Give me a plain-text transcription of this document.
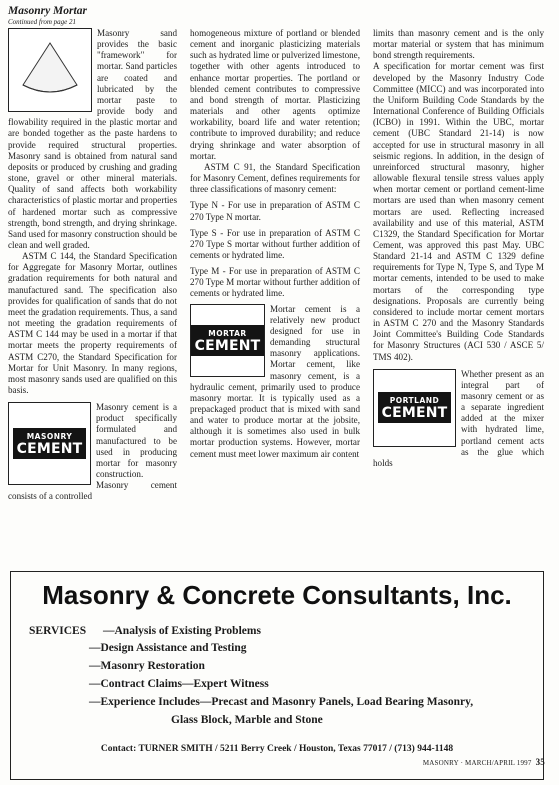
Masonry Mortar
Continued from page 21

Masonry sand provides the basic "framework" for mortar. Sand particles are coated and lubricated by the mortar paste to provide body and flowability required in the plastic mortar and are bonded together as the paste hardens to provide required structural properties. Masonry sand is obtained from natural sand deposits or produced by crushing and grading stone, gravel or other mineral materials. Quality of sand affects both workability characteristics of plastic mortar and properties of hardened mortar such as compressive strength, bond strength, and drying shrinkage. Sand used for masonry construction should be clean and well graded.

ASTM C 144, the Standard Specification for Aggregate for Masonry Mortar, outlines gradation requirements for both natural and manufactured sand. The specification also provides for qualification of sands that do not meet the gradation requirements. Thus, a sand not meeting the gradation requirements of ASTM C 144 may be used in a mortar if that mortar meets the property requirements of ASTM C270, the Standard Specification for Mortar for Unit Masonry. In many regions, most masonry sands used are qualified on this basis.

MASONRY
CEMENT

Masonry cement is a product specifically formulated and manufactured to be used in producing mortar for masonry construction. Masonry cement consists of a controlled

homogeneous mixture of portland or blended cement and inorganic plasticizing materials such as hydrated lime or pulverized limestone, together with other agents introduced to enhance mortar properties. The portland or blended cement contributes to compressive and bond strength of mortar. Plasticizing materials and other agents optimize workability, board life and water retention; contribute to improved durability; and reduce drying shrinkage and water absorption of mortar.

ASTM C 91, the Standard Specification for Masonry Cement, defines requirements for three classifications of masonry cement:

Type N - For use in preparation of ASTM C 270 Type N mortar.

Type S - For use in preparation of ASTM C 270 Type S mortar without further addition of cements or hydrated lime.

Type M - For use in preparation of ASTM C 270 Type M mortar without further addition of cements or hydrated lime.

MORTAR
CEMENT

Mortar cement is a relatively new product designed for use in demanding structural masonry applications. Mortar cement, like masonry cement, is a hydraulic cement, primarily used to produce masonry mortar. It is typically used as a prepackaged product that is mixed with sand and water to produce mortar at the jobsite, although it is sometimes also used in bulk mortar production systems. However, mortar cement must meet lower maximum air content

limits than masonry cement and is the only mortar material or system that has minimum bond strength requirements.

A specification for mortar cement was first developed by the Masonry Industry Code Committee (MICC) and was incorporated into the Uniform Building Code Standards by the International Conference of Building Officials (ICBO) in 1991. Within the UBC, mortar cement (UBC Standard 21-14) is now accepted for use in structural masonry in all seismic regions. In addition, in the design of unreinforced structural masonry, higher allowable flexural tensile stress values apply when mortar cement or portland cement-lime mortars are used than when masonry cement mortars are used. Reflecting increased availability and use of this material, ASTM C1329, the Standard Specification for Mortar Cement, was approved this past May. UBC Standard 21-14 and ASTM C 1329 define requirements for Type N, Type S, and Type M mortar cements, intended to be used to make mortars of the corresponding type designations. Proposals are currently being considered to include mortar cement mortars in ASTM C 270 and the Masonry Standards Joint Committee's Building Code Standards for Masonry Structures (ACI 530 / ASCE 5/ TMS 402).

PORTLAND
CEMENT

Whether present as an integral part of masonry cement or as a separate ingredient added at the mixer with hydrated lime, portland cement acts as the glue which holds

Masonry & Concrete Consultants, Inc.
SERVICES —Analysis of Existing Problems
—Design Assistance and Testing
—Masonry Restoration
—Contract Claims—Expert Witness
—Experience Includes—Precast and Masonry Panels, Load Bearing Masonry,
Glass Block, Marble and Stone
Contact: TURNER SMITH / 5211 Berry Creek / Houston, Texas 77017 / (713) 944-1148
MASONRY · MARCH/APRIL 1997 35
